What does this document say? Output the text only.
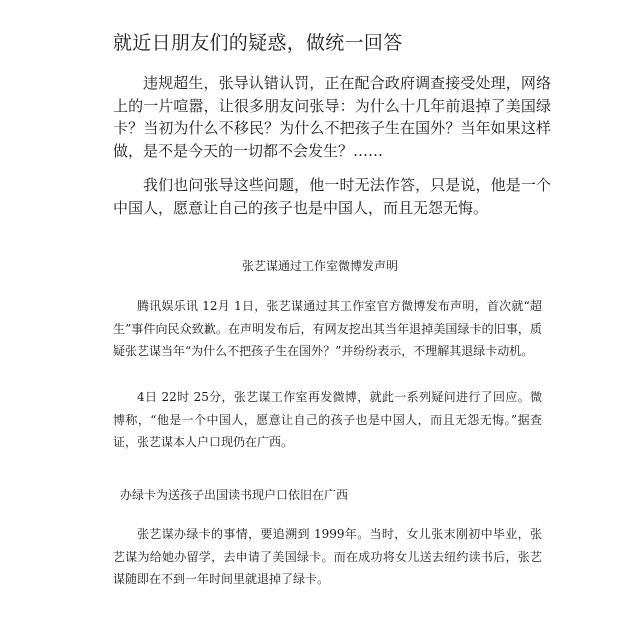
就近日朋友们的疑惑，做统一回答

违规超生，张导认错认罚，正在配合政府调查接受处理，网络上的一片喧嚣，让很多朋友问张导：为什么十几年前退掉了美国绿卡？当初为什么不移民？为什么不把孩子生在国外？当年如果这样做，是不是今天的一切都不会发生？……

我们也问张导这些问题，他一时无法作答，只是说，他是一个中国人，愿意让自己的孩子也是中国人，而且无怨无悔。

张艺谋通过工作室微博发声明

腾讯娱乐讯 12月 1日，张艺谋通过其工作室官方微博发布声明，首次就“超生”事件向民众致歉。在声明发布后，有网友挖出其当年退掉美国绿卡的旧事，质疑张艺谋当年“为什么不把孩子生在国外？”并纷纷表示，不理解其退绿卡动机。

4日 22时 25分，张艺谋工作室再发微博，就此一系列疑问进行了回应。微博称，“他是一个中国人，愿意让自己的孩子也是中国人，而且无怨无悔。”据查证，张艺谋本人户口现仍在广西。

办绿卡为送孩子出国读书现户口依旧在广西

张艺谋办绿卡的事情，要追溯到 1999年。当时，女儿张末刚初中毕业，张艺谋为给她办留学，去申请了美国绿卡。而在成功将女儿送去纽约读书后，张艺谋随即在不到一年时间里就退掉了绿卡。
